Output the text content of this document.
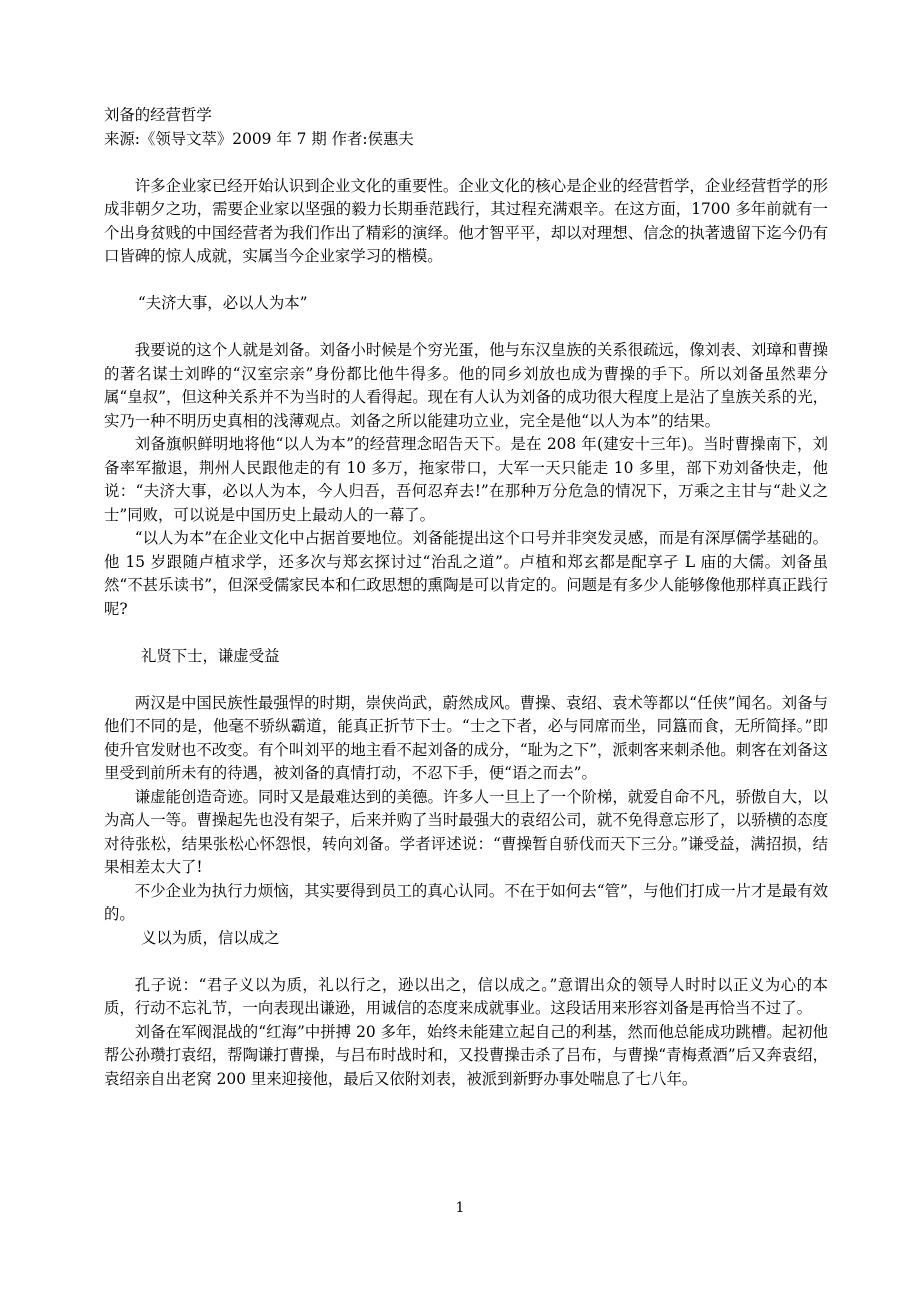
刘备的经营哲学
来源:《领导文萃》2009 年 7 期 作者:侯惠夫

许多企业家已经开始认识到企业文化的重要性。企业文化的核心是企业的经营哲学，企业经营哲学的形成非朝夕之功，需要企业家以坚强的毅力长期垂范践行，其过程充满艰辛。在这方面，1700 多年前就有一个出身贫贱的中国经营者为我们作出了精彩的演绎。他才智平平，却以对理想、信念的执著遗留下迄今仍有口皆碑的惊人成就，实属当今企业家学习的楷模。

“夫济大事，必以人为本”

我要说的这个人就是刘备。刘备小时候是个穷光蛋，他与东汉皇族的关系很疏远，像刘表、刘璋和曹操的著名谋士刘晔的“汉室宗亲”身份都比他牛得多。他的同乡刘放也成为曹操的手下。所以刘备虽然辈分属“皇叔”，但这种关系并不为当时的人看得起。现在有人认为刘备的成功很大程度上是沾了皇族关系的光，实乃一种不明历史真相的浅薄观点。刘备之所以能建功立业，完全是他“以人为本”的结果。

刘备旗帜鲜明地将他“以人为本”的经营理念昭告天下。是在 208 年(建安十三年)。当时曹操南下，刘备率军撤退，荆州人民跟他走的有 10 多万，拖家带口，大军一天只能走 10 多里，部下劝刘备快走，他说：“夫济大事，必以人为本，今人归吾，吾何忍弃去!”在那种万分危急的情况下，万乘之主甘与“赴义之士”同败，可以说是中国历史上最动人的一幕了。

“以人为本”在企业文化中占据首要地位。刘备能提出这个口号并非突发灵感，而是有深厚儒学基础的。他 15 岁跟随卢植求学，还多次与郑玄探讨过“治乱之道”。卢植和郑玄都是配享孑 L 庙的大儒。刘备虽然“不甚乐读书”，但深受儒家民本和仁政思想的熏陶是可以肯定的。问题是有多少人能够像他那样真正践行呢?

礼贤下士，谦虚受益

两汉是中国民族性最强悍的时期，崇侠尚武，蔚然成风。曹操、袁绍、袁术等都以“任侠”闻名。刘备与他们不同的是，他毫不骄纵霸道，能真正折节下士。“士之下者，必与同席而坐，同簋而食，无所简择。”即使升官发财也不改变。有个叫刘平的地主看不起刘备的成分，“耻为之下”，派刺客来刺杀他。刺客在刘备这里受到前所未有的待遇，被刘备的真情打动，不忍下手，便“语之而去”。

谦虚能创造奇迹。同时又是最难达到的美德。许多人一旦上了一个阶梯，就爱自命不凡，骄傲自大，以为高人一等。曹操起先也没有架子，后来并购了当时最强大的袁绍公司，就不免得意忘形了，以骄横的态度对待张松，结果张松心怀怨恨，转向刘备。学者评述说：“曹操暂自骄伐而天下三分。”谦受益，满招损，结果相差太大了!

不少企业为执行力烦恼，其实要得到员工的真心认同。不在于如何去“管”，与他们打成一片才是最有效的。

义以为质，信以成之

孔子说：“君子义以为质，礼以行之，逊以出之，信以成之。”意谓出众的领导人时时以正义为心的本质，行动不忘礼节，一向表现出谦逊，用诚信的态度来成就事业。这段话用来形容刘备是再恰当不过了。

刘备在军阀混战的“红海”中拼搏 20 多年，始终未能建立起自己的利基，然而他总能成功跳槽。起初他帮公孙瓒打袁绍，帮陶谦打曹操，与吕布时战时和，又投曹操击杀了吕布，与曹操“青梅煮酒”后又奔袁绍，袁绍亲自出老窝 200 里来迎接他，最后又依附刘表，被派到新野办事处喘息了七八年。

1
